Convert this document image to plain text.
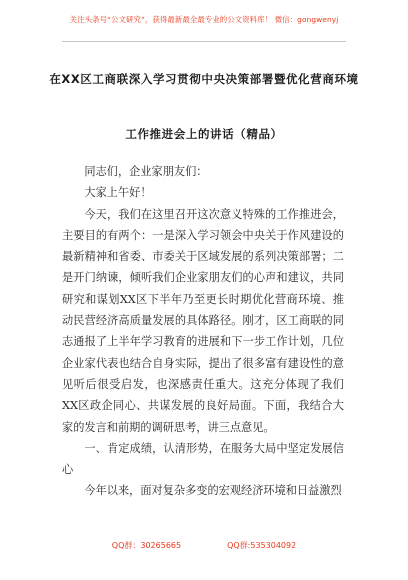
关注头条号“公文研究”，获得最新最全最专业的公文资料库！ 微信：gongwenyj
在XX区工商联深入学习贯彻中央决策部署暨优化营商环境
工作推进会上的讲话（精品）

同志们，企业家朋友们：

大家上午好！

今天，我们在这里召开这次意义特殊的工作推进会，主要目的有两个：一是深入学习领会中央关于作风建设的最新精神和省委、市委关于区域发展的系列决策部署；二是开门纳谏，倾听我们企业家朋友们的心声和建议，共同研究和谋划XX区下半年乃至更长时期优化营商环境、推动民营经济高质量发展的具体路径。刚才，区工商联的同志通报了上半年学习教育的进展和下一步工作计划，几位企业家代表也结合自身实际，提出了很多富有建设性的意见听后很受启发，也深感责任重大。这充分体现了我们XX区政企同心、共谋发展的良好局面。下面，我结合大家的发言和前期的调研思考，讲三点意见。

一、肯定成绩，认清形势，在服务大局中坚定发展信心

今年以来，面对复杂多变的宏观经济环境和日益激烈

QQ群：30265665	QQ群:535304092
